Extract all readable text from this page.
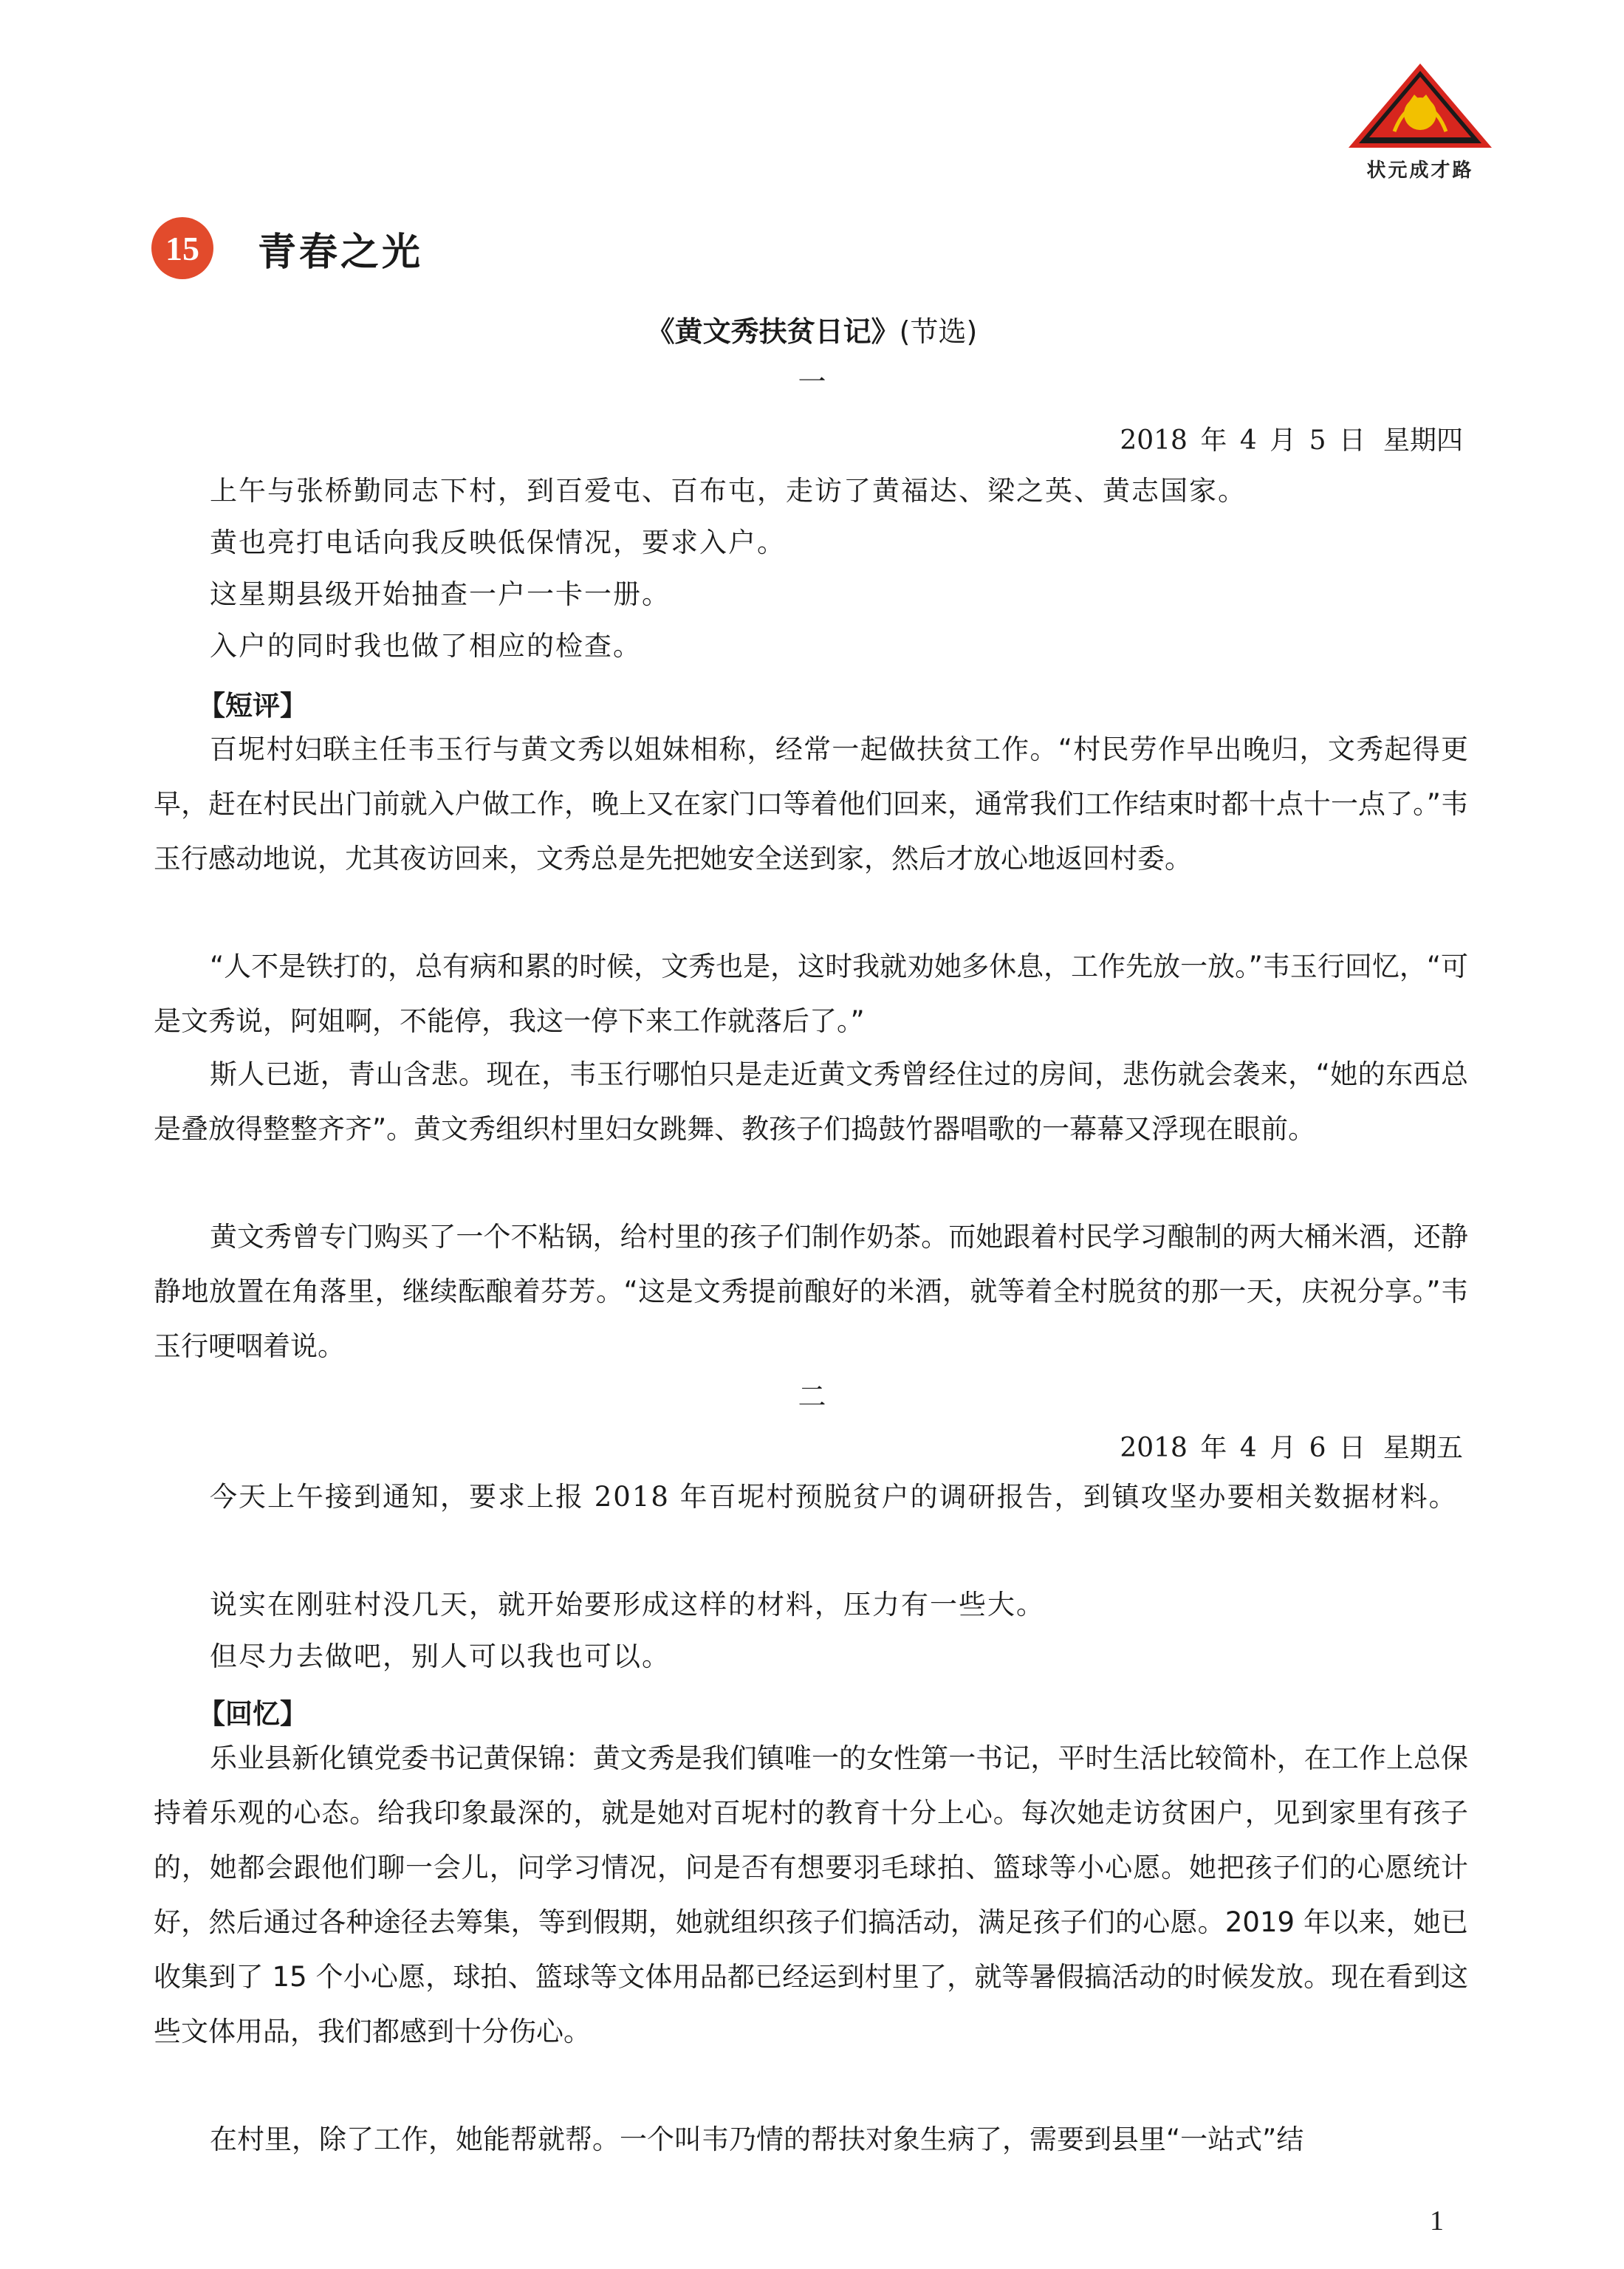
状元成才路
15	青春之光
《黄文秀扶贫日记》(节选)
一
2018 年 4 月 5 日 星期四
上午与张桥勤同志下村，到百爱屯、百布屯，走访了黄福达、梁之英、黄志国家。
黄也亮打电话向我反映低保情况，要求入户。
这星期县级开始抽查一户一卡一册。
入户的同时我也做了相应的检查。
【短评】
百坭村妇联主任韦玉行与黄文秀以姐妹相称，经常一起做扶贫工作。“村民劳作早出晚归，文秀起得更早，赶在村民出门前就入户做工作，晚上又在家门口等着他们回来，通常我们工作结束时都十点十一点了。”韦玉行感动地说，尤其夜访回来，文秀总是先把她安全送到家，然后才放心地返回村委。
“人不是铁打的，总有病和累的时候，文秀也是，这时我就劝她多休息，工作先放一放。”韦玉行回忆，“可是文秀说，阿姐啊，不能停，我这一停下来工作就落后了。”
斯人已逝，青山含悲。现在，韦玉行哪怕只是走近黄文秀曾经住过的房间，悲伤就会袭来，“她的东西总是叠放得整整齐齐”。黄文秀组织村里妇女跳舞、教孩子们捣鼓竹器唱歌的一幕幕又浮现在眼前。
黄文秀曾专门购买了一个不粘锅，给村里的孩子们制作奶茶。而她跟着村民学习酿制的两大桶米酒，还静静地放置在角落里，继续酝酿着芬芳。“这是文秀提前酿好的米酒，就等着全村脱贫的那一天，庆祝分享。”韦玉行哽咽着说。
二
2018 年 4 月 6 日 星期五
今天上午接到通知，要求上报 2018 年百坭村预脱贫户的调研报告，到镇攻坚办要相关数据材料。
说实在刚驻村没几天，就开始要形成这样的材料，压力有一些大。
但尽力去做吧，别人可以我也可以。
【回忆】
乐业县新化镇党委书记黄保锦：黄文秀是我们镇唯一的女性第一书记，平时生活比较简朴，在工作上总保持着乐观的心态。给我印象最深的，就是她对百坭村的教育十分上心。每次她走访贫困户，见到家里有孩子的，她都会跟他们聊一会儿，问学习情况，问是否有想要羽毛球拍、篮球等小心愿。她把孩子们的心愿统计好，然后通过各种途径去筹集，等到假期，她就组织孩子们搞活动，满足孩子们的心愿。2019 年以来，她已收集到了 15 个小心愿，球拍、篮球等文体用品都已经运到村里了，就等暑假搞活动的时候发放。现在看到这些文体用品，我们都感到十分伤心。
在村里，除了工作，她能帮就帮。一个叫韦乃情的帮扶对象生病了，需要到县里“一站式”结
1
